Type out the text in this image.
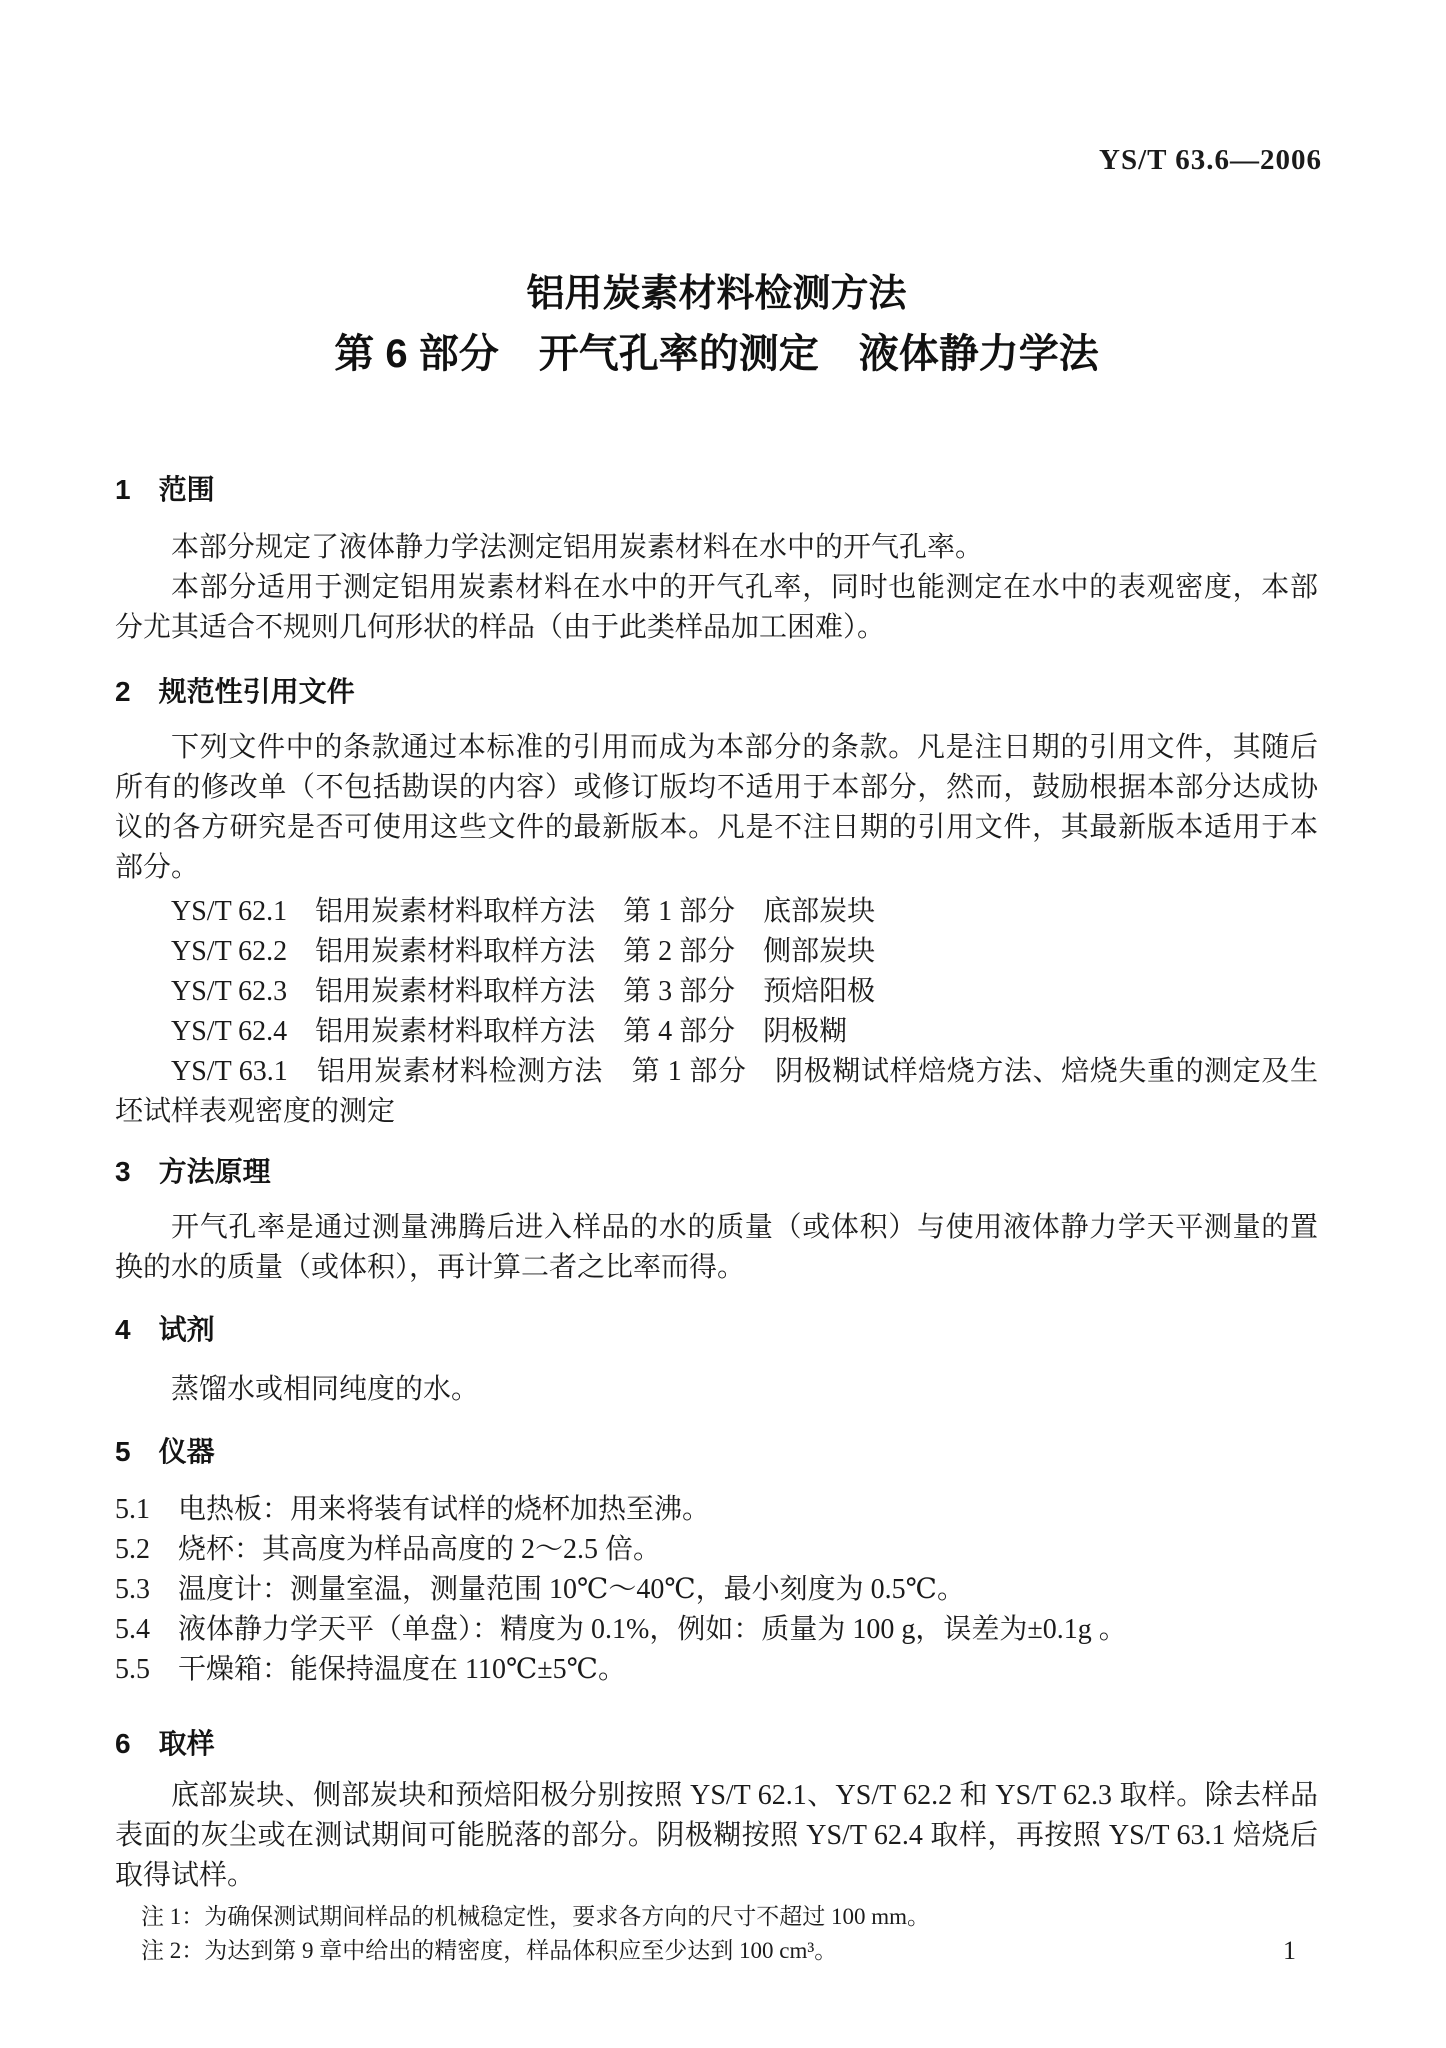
YS/T 63.6—2006
铝用炭素材料检测方法
第 6 部分　开气孔率的测定　液体静力学法
1　范围

本部分规定了液体静力学法测定铝用炭素材料在水中的开气孔率。

本部分适用于测定铝用炭素材料在水中的开气孔率，同时也能测定在水中的表观密度，本部分尤其适合不规则几何形状的样品（由于此类样品加工困难）。

2　规范性引用文件

下列文件中的条款通过本标准的引用而成为本部分的条款。凡是注日期的引用文件，其随后所有的修改单（不包括勘误的内容）或修订版均不适用于本部分，然而，鼓励根据本部分达成协议的各方研究是否可使用这些文件的最新版本。凡是不注日期的引用文件，其最新版本适用于本部分。

YS/T 62.1　铝用炭素材料取样方法　第 1 部分　底部炭块

YS/T 62.2　铝用炭素材料取样方法　第 2 部分　侧部炭块

YS/T 62.3　铝用炭素材料取样方法　第 3 部分　预焙阳极

YS/T 62.4　铝用炭素材料取样方法　第 4 部分　阴极糊

YS/T 63.1　铝用炭素材料检测方法　第 1 部分　阴极糊试样焙烧方法、焙烧失重的测定及生坯试样表观密度的测定

3　方法原理

开气孔率是通过测量沸腾后进入样品的水的质量（或体积）与使用液体静力学天平测量的置换的水的质量（或体积），再计算二者之比率而得。

4　试剂

蒸馏水或相同纯度的水。

5　仪器

5.1　电热板：用来将装有试样的烧杯加热至沸。

5.2　烧杯：其高度为样品高度的 2～2.5 倍。

5.3　温度计：测量室温，测量范围 10℃～40℃，最小刻度为 0.5℃。

5.4　液体静力学天平（单盘）：精度为 0.1%，例如：质量为 100 g，误差为±0.1g 。

5.5　干燥箱：能保持温度在 110℃±5℃。

6　取样

底部炭块、侧部炭块和预焙阳极分别按照 YS/T 62.1、YS/T 62.2 和 YS/T 62.3 取样。除去样品表面的灰尘或在测试期间可能脱落的部分。阴极糊按照 YS/T 62.4 取样，再按照 YS/T 63.1 焙烧后取得试样。

注 1：为确保测试期间样品的机械稳定性，要求各方向的尺寸不超过 100 mm。

注 2：为达到第 9 章中给出的精密度，样品体积应至少达到 100 cm³。	1
